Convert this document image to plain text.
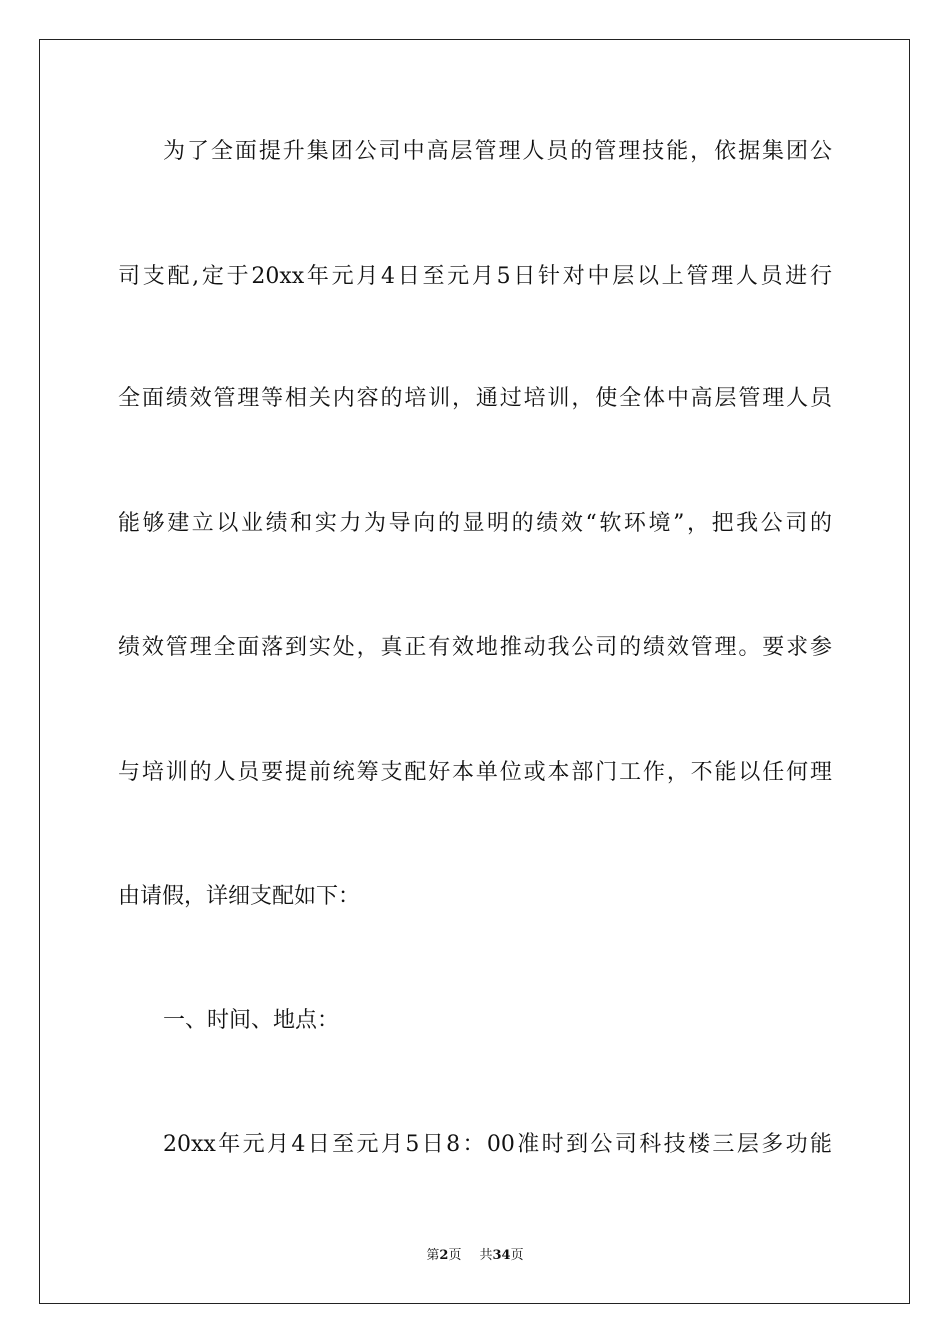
为了全面提升集团公司中高层管理人员的管理技能，依据集团公
司支配,定于20xx年元月4日至元月5日针对中层以上管理人员进行
全面绩效管理等相关内容的培训，通过培训，使全体中高层管理人员
能够建立以业绩和实力为导向的显明的绩效“软环境”，把我公司的
绩效管理全面落到实处，真正有效地推动我公司的绩效管理。要求参
与培训的人员要提前统筹支配好本单位或本部门工作，不能以任何理
由请假，详细支配如下：
一、时间、地点：
20xx年元月4日至元月5日8：00准时到公司科技楼三层多功能
第2页 共34页
